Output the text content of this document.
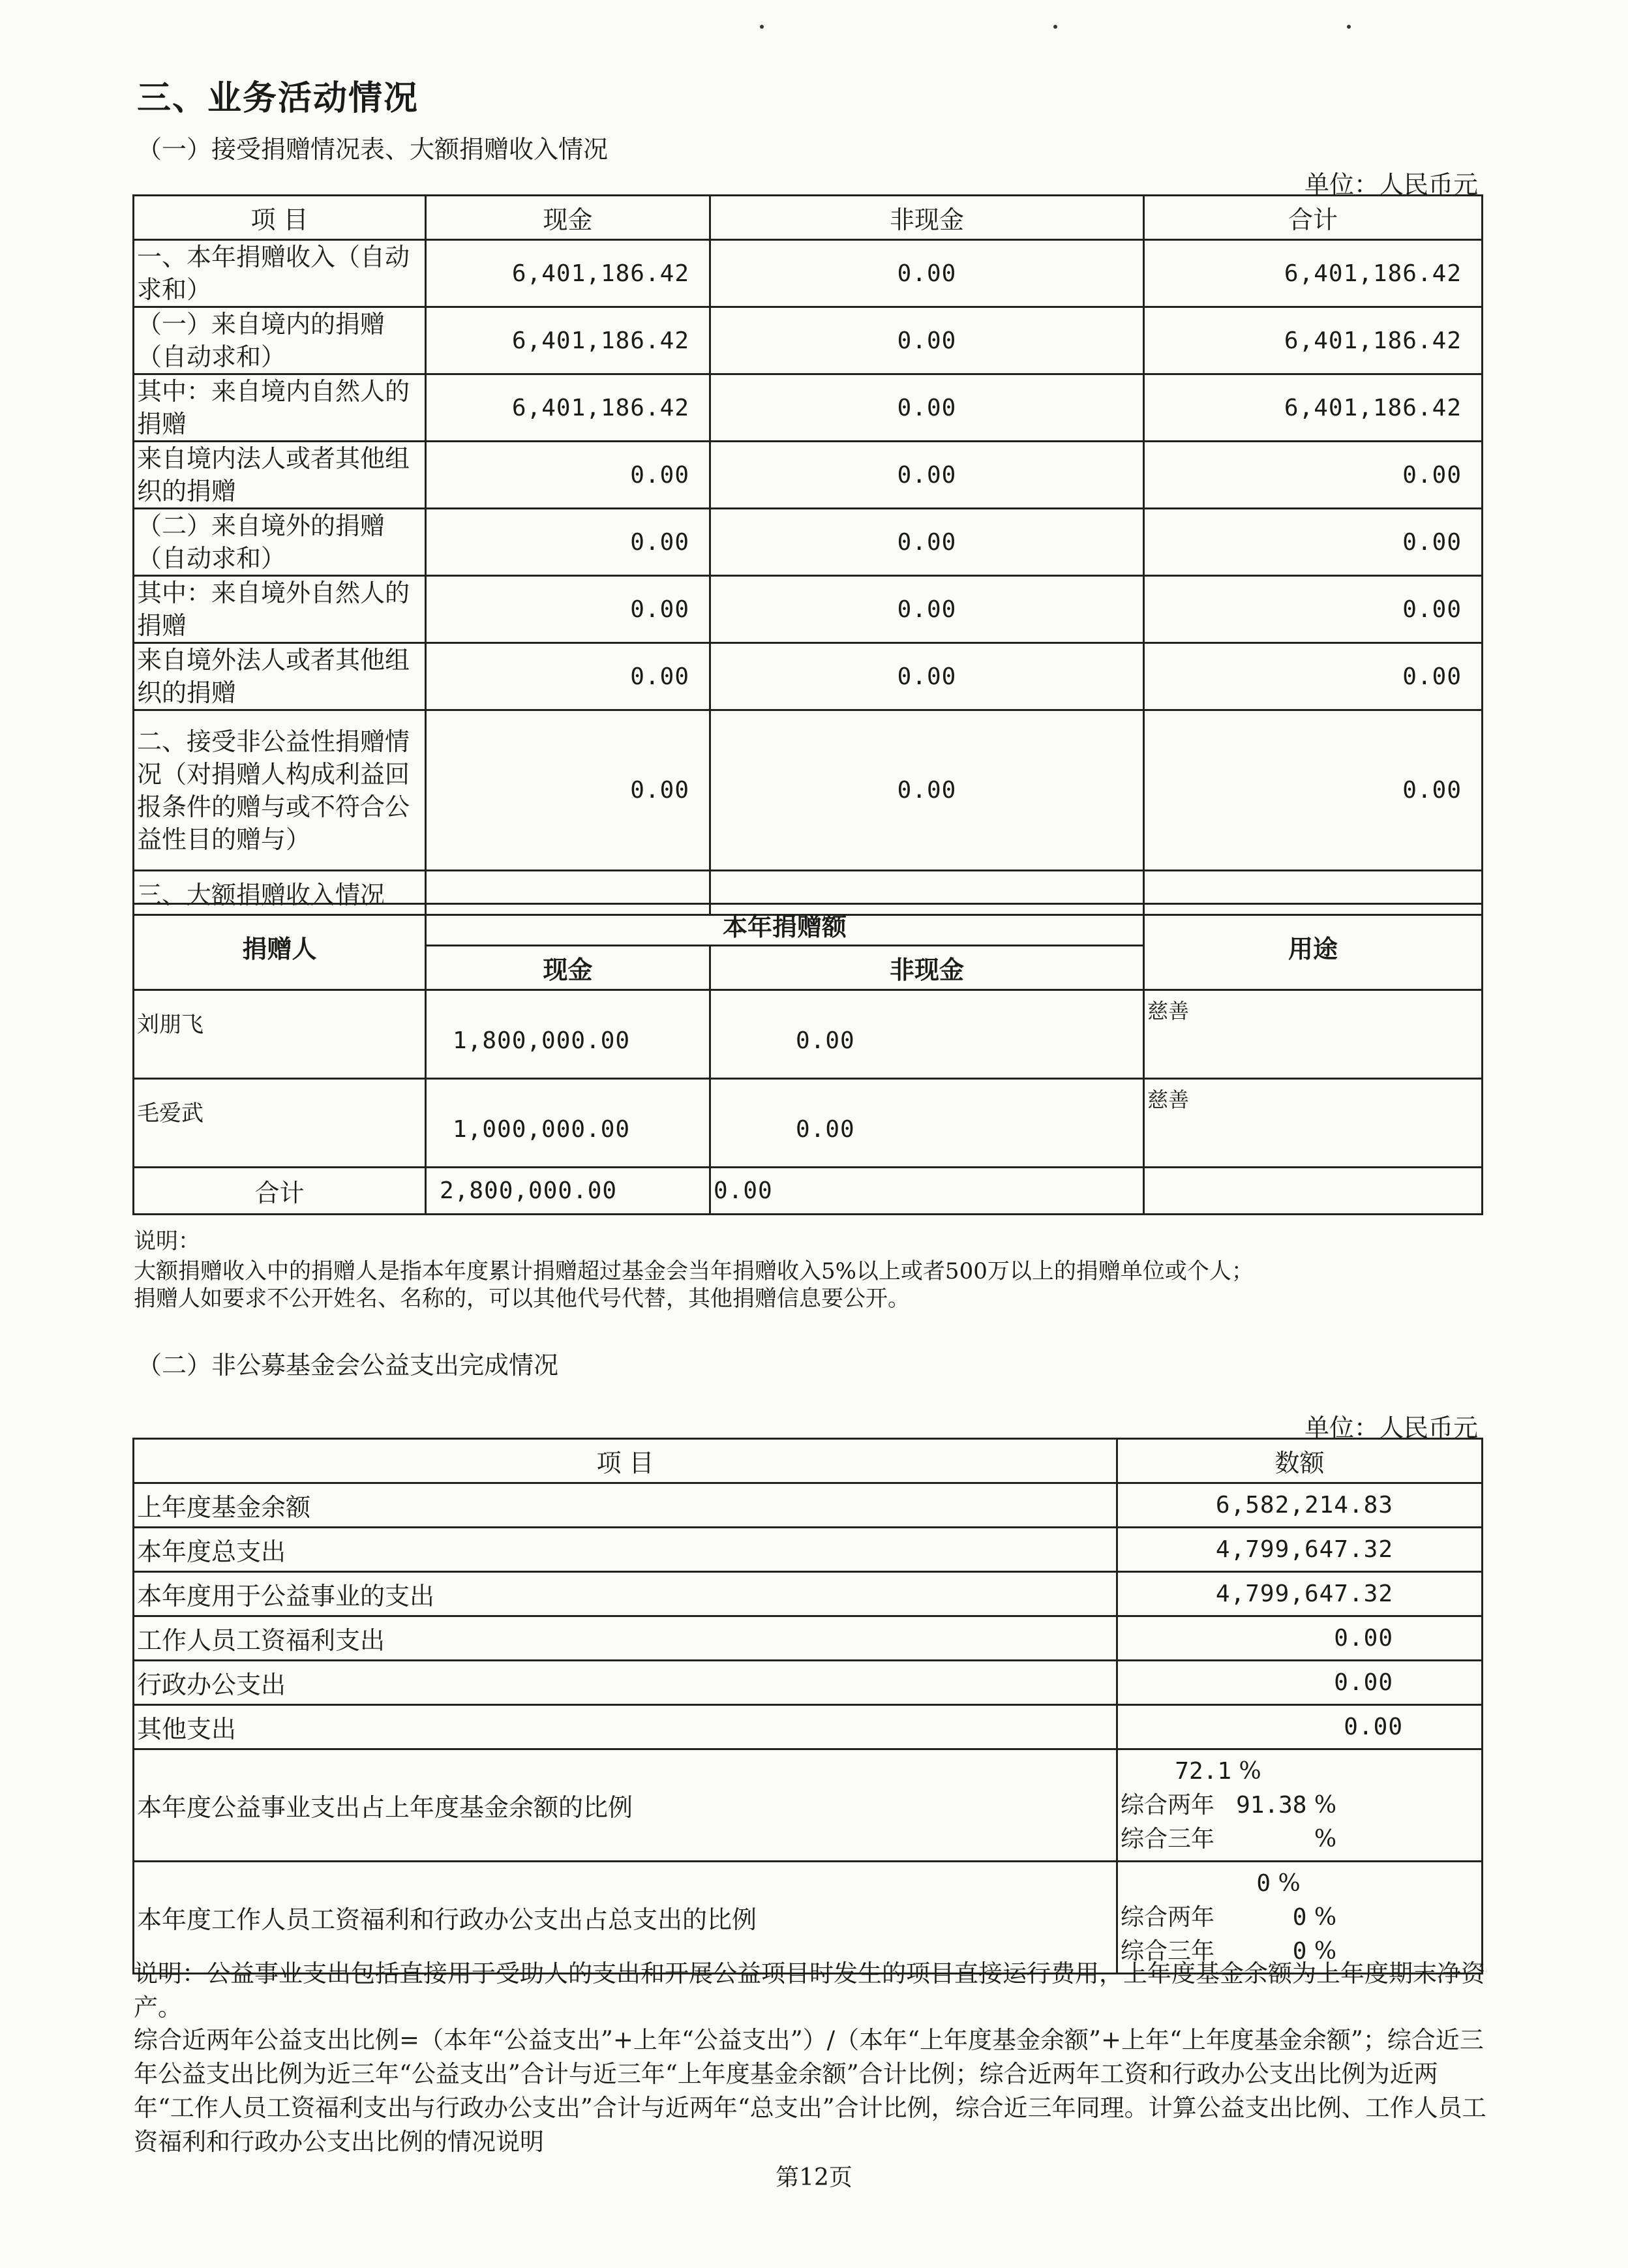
三、业务活动情况
（一）接受捐赠情况表、大额捐赠收入情况
单位：人民币元
项 目	现金	非现金	合计
一、本年捐赠收入（自动求和）	6,401,186.42	0.00	6,401,186.42
（一）来自境内的捐赠（自动求和）	6,401,186.42	0.00	6,401,186.42
其中：来自境内自然人的捐赠	6,401,186.42	0.00	6,401,186.42
来自境内法人或者其他组织的捐赠	0.00	0.00	0.00
（二）来自境外的捐赠（自动求和）	0.00	0.00	0.00
其中：来自境外自然人的捐赠	0.00	0.00	0.00
来自境外法人或者其他组织的捐赠	0.00	0.00	0.00
二、接受非公益性捐赠情况（对捐赠人构成利益回报条件的赠与或不符合公益性目的赠与）	0.00	0.00	0.00
三、大额捐赠收入情况			
捐赠人	本年捐赠额		用途
	现金	非现金	
刘朋飞	1,800,000.00	0.00	慈善
毛爱武	1,000,000.00	0.00	慈善
合计	2,800,000.00	0.00	
说明：
大额捐赠收入中的捐赠人是指本年度累计捐赠超过基金会当年捐赠收入5%以上或者500万以上的捐赠单位或个人；
捐赠人如要求不公开姓名、名称的，可以其他代号代替，其他捐赠信息要公开。
（二）非公募基金会公益支出完成情况
单位：人民币元
项 目	数额
上年度基金余额	6,582,214.83
本年度总支出	4,799,647.32
本年度用于公益事业的支出	4,799,647.32
工作人员工资福利支出	0.00
行政办公支出	0.00
其他支出	0.00
本年度公益事业支出占上年度基金余额的比例	72.1 %
综合两年 91.38 %
综合三年 %

本年度工作人员工资福利和行政办公支出占总支出的比例	0 %
综合两年 0 %
综合三年 0 %
说明：公益事业支出包括直接用于受助人的支出和开展公益项目时发生的项目直接运行费用，上年度基金余额为上年度期末净资产。
综合近两年公益支出比例=（本年“公益支出”+上年“公益支出”）/（本年“上年度基金余额”+上年“上年度基金余额”；综合近三年公益支出比例为近三年“公益支出”合计与近三年“上年度基金余额”合计比例；综合近两年工资和行政办公支出比例为近两年“工作人员工资福利支出与行政办公支出”合计与近两年“总支出”合计比例，综合近三年同理。计算公益支出比例、工作人员工资福利和行政办公支出比例的情况说明
第12页
